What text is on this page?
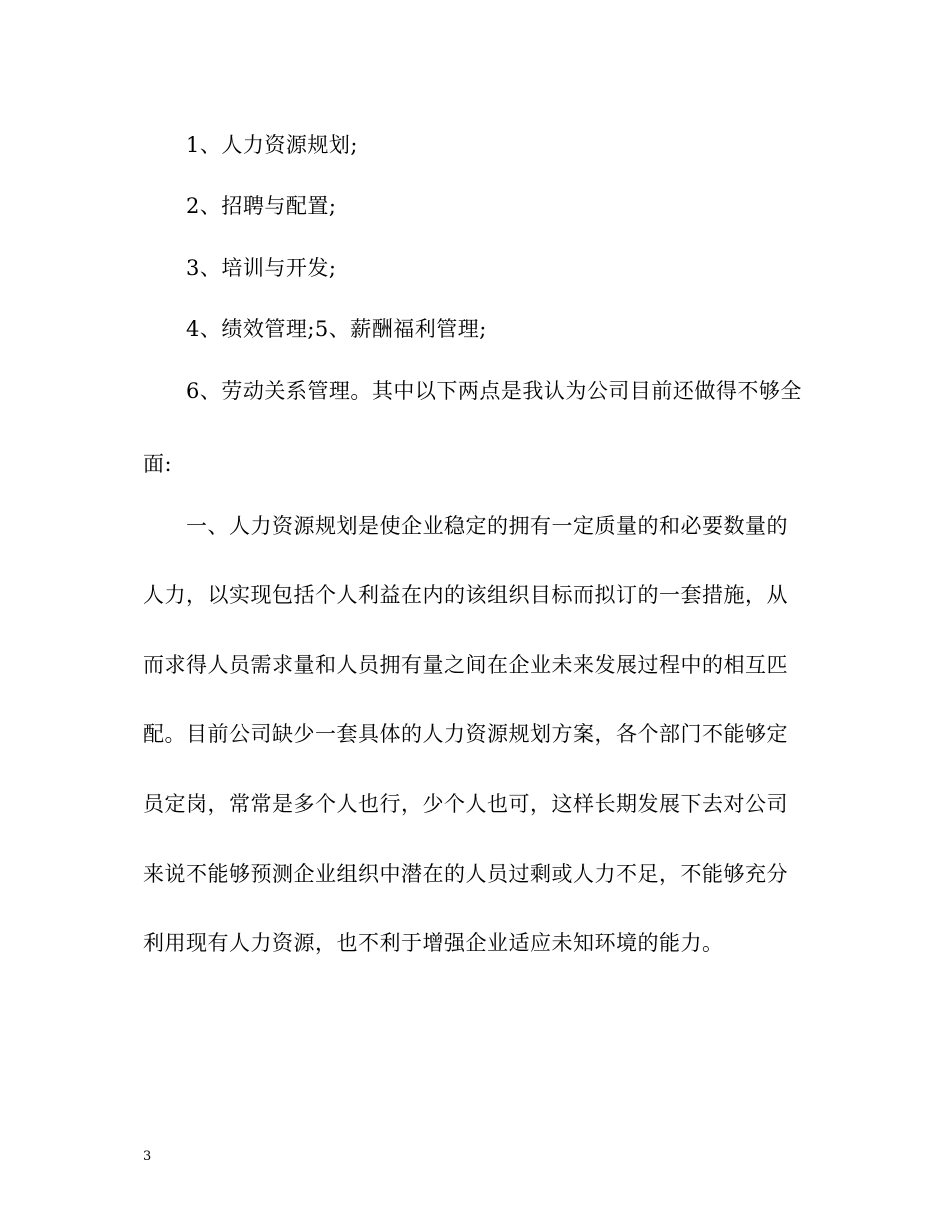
1、人力资源规划;

2、招聘与配置;

3、培训与开发;

4、绩效管理;5、薪酬福利管理;

6、劳动关系管理。其中以下两点是我认为公司目前还做得不够全

面:

一、人力资源规划是使企业稳定的拥有一定质量的和必要数量的

人力，以实现包括个人利益在内的该组织目标而拟订的一套措施，从

而求得人员需求量和人员拥有量之间在企业未来发展过程中的相互匹

配。目前公司缺少一套具体的人力资源规划方案，各个部门不能够定

员定岗，常常是多个人也行，少个人也可，这样长期发展下去对公司

来说不能够预测企业组织中潜在的人员过剩或人力不足，不能够充分

利用现有人力资源，也不利于增强企业适应未知环境的能力。

3
